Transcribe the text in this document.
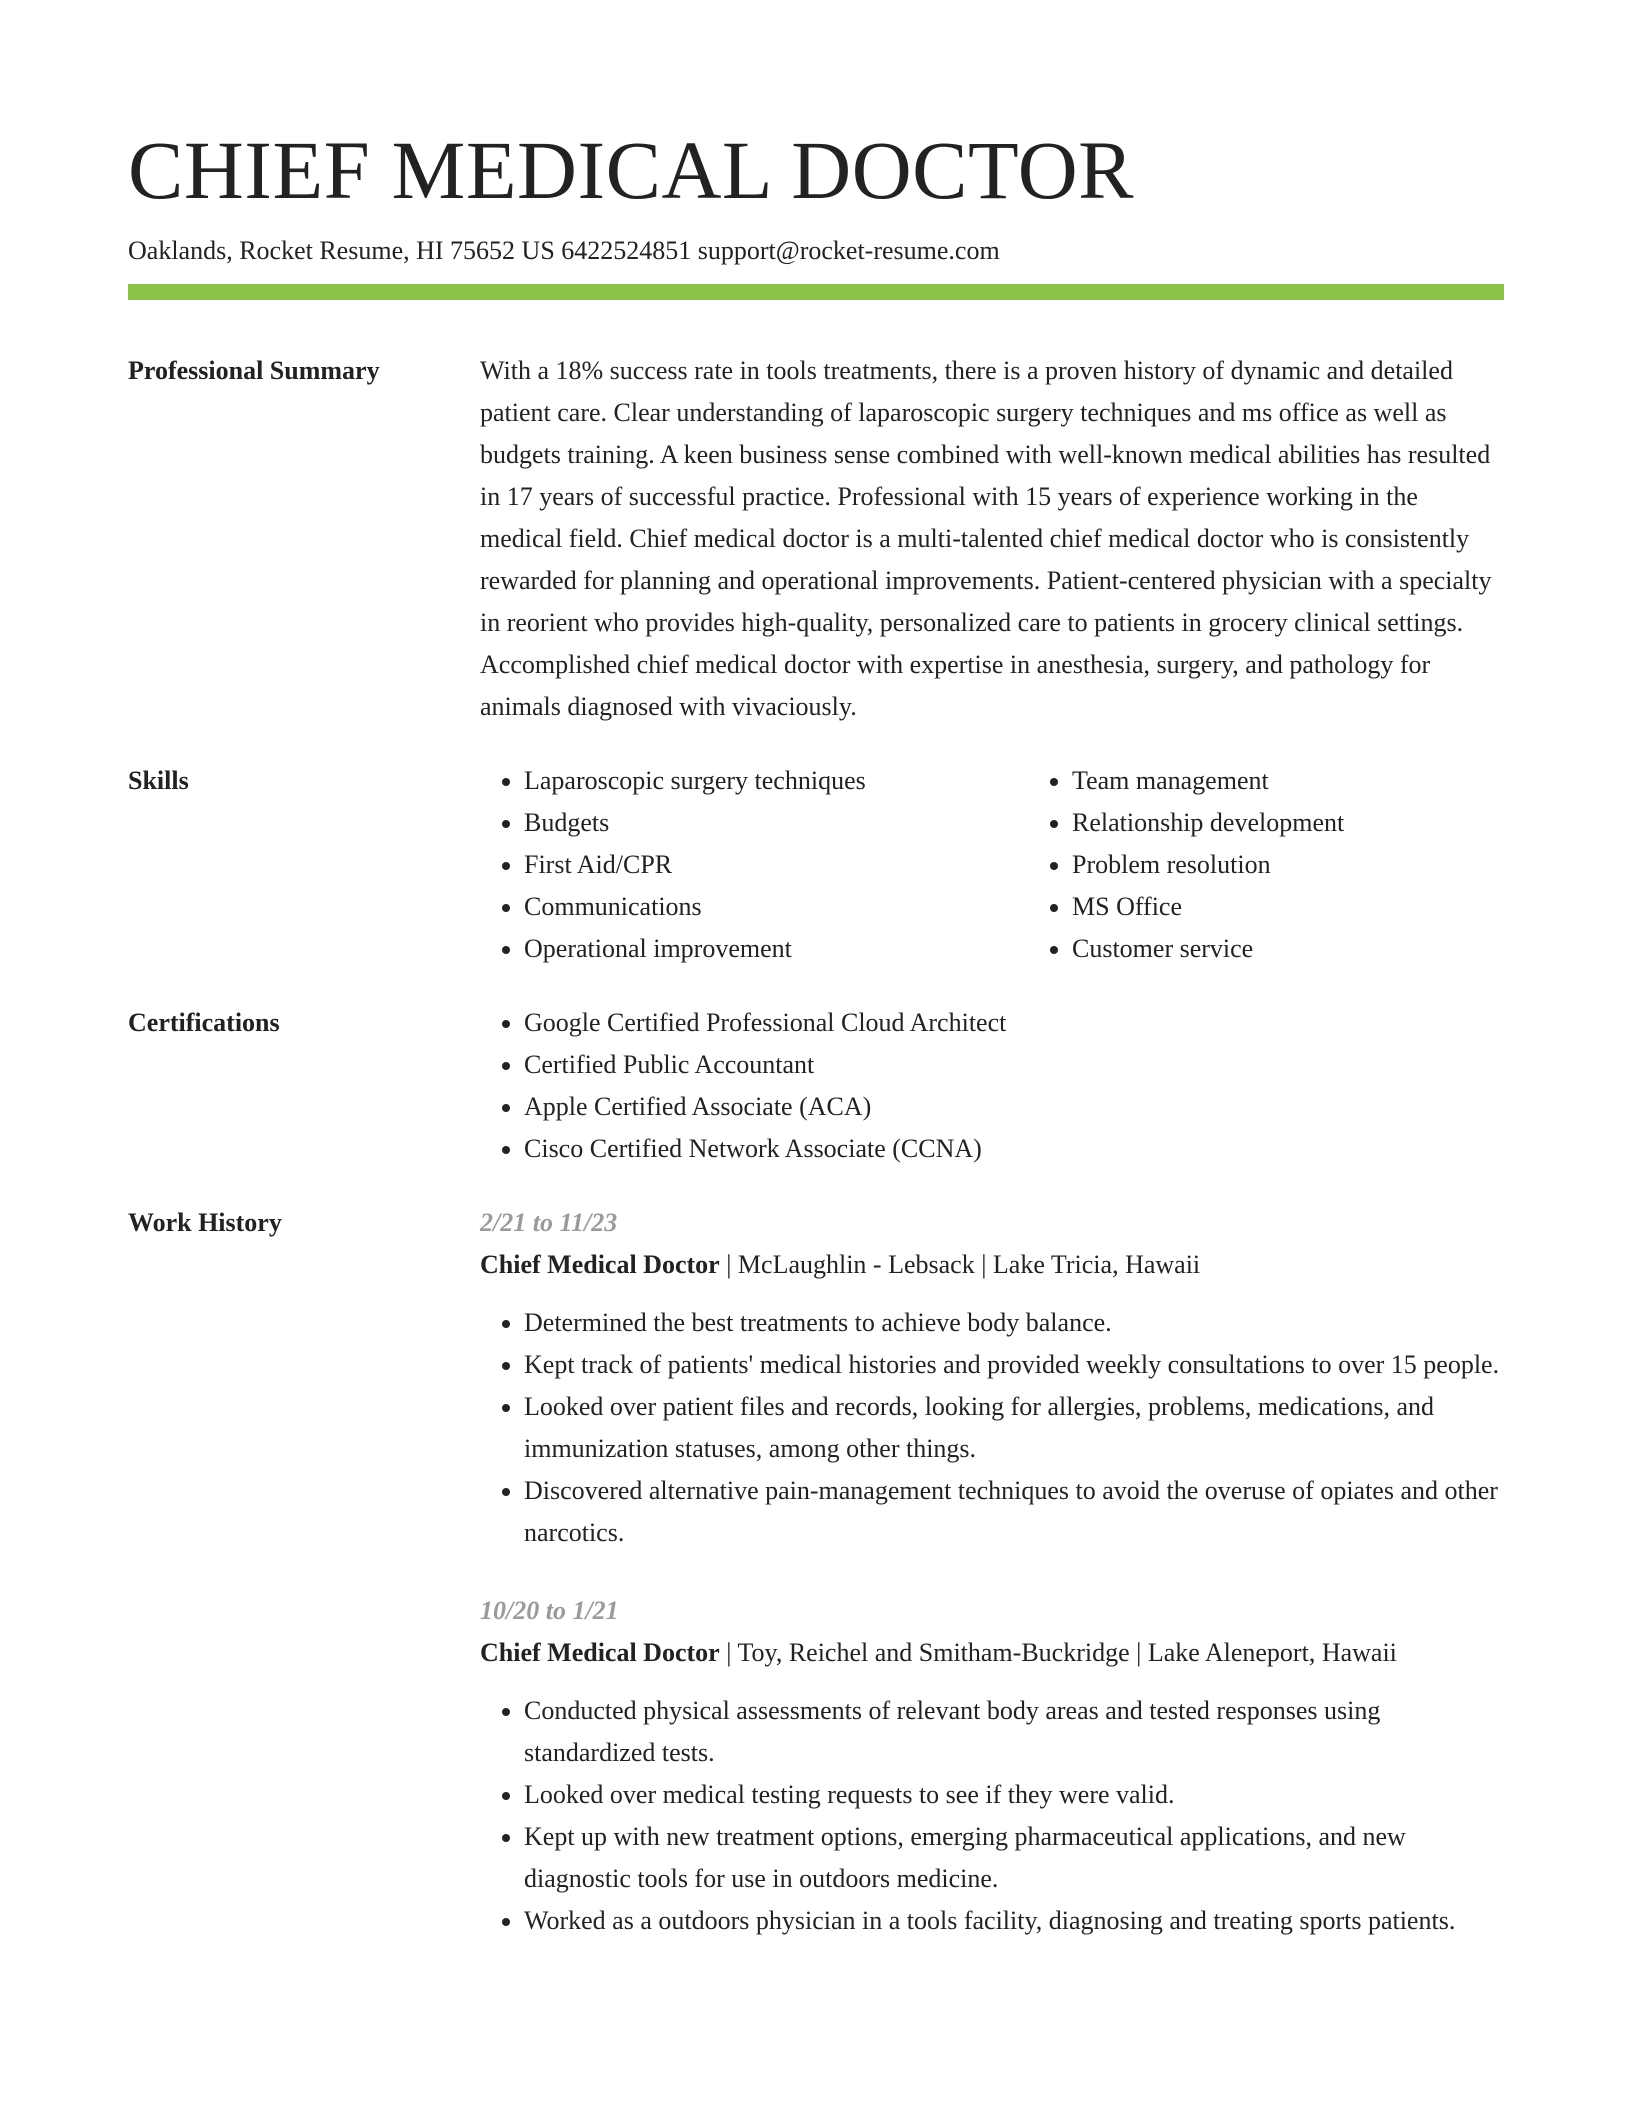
CHIEF MEDICAL DOCTOR
Oaklands, Rocket Resume, HI 75652 US 6422524851 support@rocket-resume.com
Professional Summary	With a 18% success rate in tools treatments, there is a proven history of dynamic and detailed patient care. Clear understanding of laparoscopic surgery techniques and ms office as well as budgets training. A keen business sense combined with well-known medical abilities has resulted in 17 years of successful practice. Professional with 15 years of experience working in the medical field. Chief medical doctor is a multi-talented chief medical doctor who is consistently rewarded for planning and operational improvements. Patient-centered physician with a specialty in reorient who provides high-quality, personalized care to patients in grocery clinical settings. Accomplished chief medical doctor with expertise in anesthesia, surgery, and pathology for animals diagnosed with vivaciously.

Skills	• Laparoscopic surgery techniques
• Budgets
• First Aid/CPR
• Communications
• Operational improvement
• Team management
• Relationship development
• Problem resolution
• MS Office
• Customer service
Certifications	• Google Certified Professional Cloud Architect
• Certified Public Accountant
• Apple Certified Associate (ACA)
• Cisco Certified Network Associate (CCNA)
Work History	2/21 to 11/23
Chief Medical Doctor | McLaughlin - Lebsack | Lake Tricia, Hawaii
• Determined the best treatments to achieve body balance.
• Kept track of patients' medical histories and provided weekly consultations to over 15 people.
• Looked over patient files and records, looking for allergies, problems, medications, and immunization statuses, among other things.
• Discovered alternative pain-management techniques to avoid the overuse of opiates and other narcotics.
10/20 to 1/21
Chief Medical Doctor | Toy, Reichel and Smitham-Buckridge | Lake Aleneport, Hawaii
• Conducted physical assessments of relevant body areas and tested responses using standardized tests.
• Looked over medical testing requests to see if they were valid.
• Kept up with new treatment options, emerging pharmaceutical applications, and new diagnostic tools for use in outdoors medicine.
• Worked as a outdoors physician in a tools facility, diagnosing and treating sports patients.
